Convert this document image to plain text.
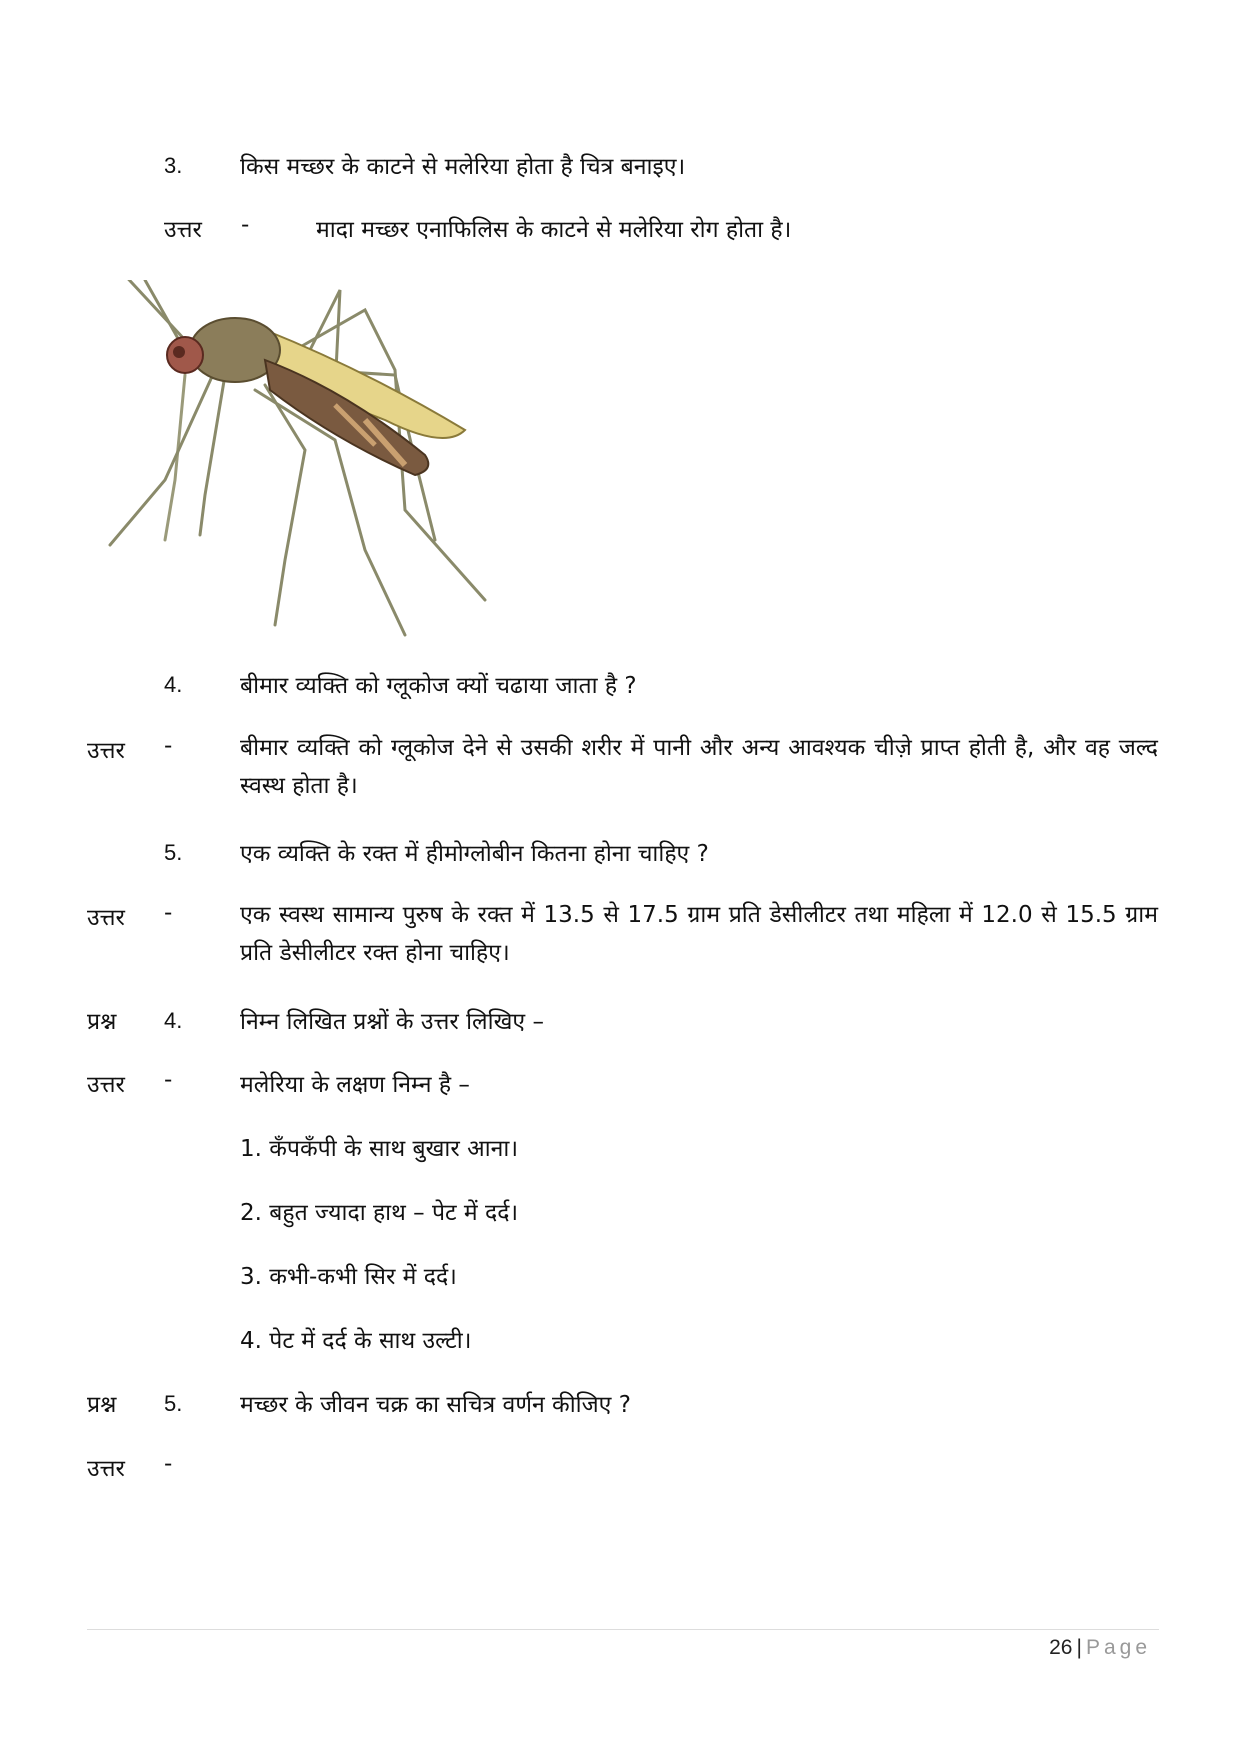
3.	किस मच्छर के काटने से मलेरिया होता है चित्र बनाइए।
उत्तर -	मादा मच्छर एनाफिलिस के काटने से मलेरिया रोग होता है।
4.	बीमार व्यक्ति को ग्लूकोज क्यों चढाया जाता है ?
उत्तर -	बीमार व्यक्ति को ग्लूकोज देने से उसकी शरीर में पानी और अन्य आवश्यक चीज़े प्राप्त होती है, और वह जल्द स्वस्थ होता है।
5.	एक व्यक्ति के रक्त में हीमोग्लोबीन कितना होना चाहिए ?
उत्तर -	एक स्वस्थ सामान्य पुरुष के रक्त में 13.5 से 17.5 ग्राम प्रति डेसीलीटर तथा महिला में 12.0 से 15.5 ग्राम प्रति डेसीलीटर रक्त होना चाहिए।
प्रश्न 4.	निम्न लिखित प्रश्नों के उत्तर लिखिए –
उत्तर -	मलेरिया के लक्षण निम्न है –
1. कँपकँपी के साथ बुखार आना।
2. बहुत ज्यादा हाथ – पेट में दर्द।
3. कभी-कभी सिर में दर्द।
4. पेट में दर्द के साथ उल्टी।
प्रश्न 5.	मच्छर के जीवन चक्र का सचित्र वर्णन कीजिए ?
उत्तर -
26 | Page
